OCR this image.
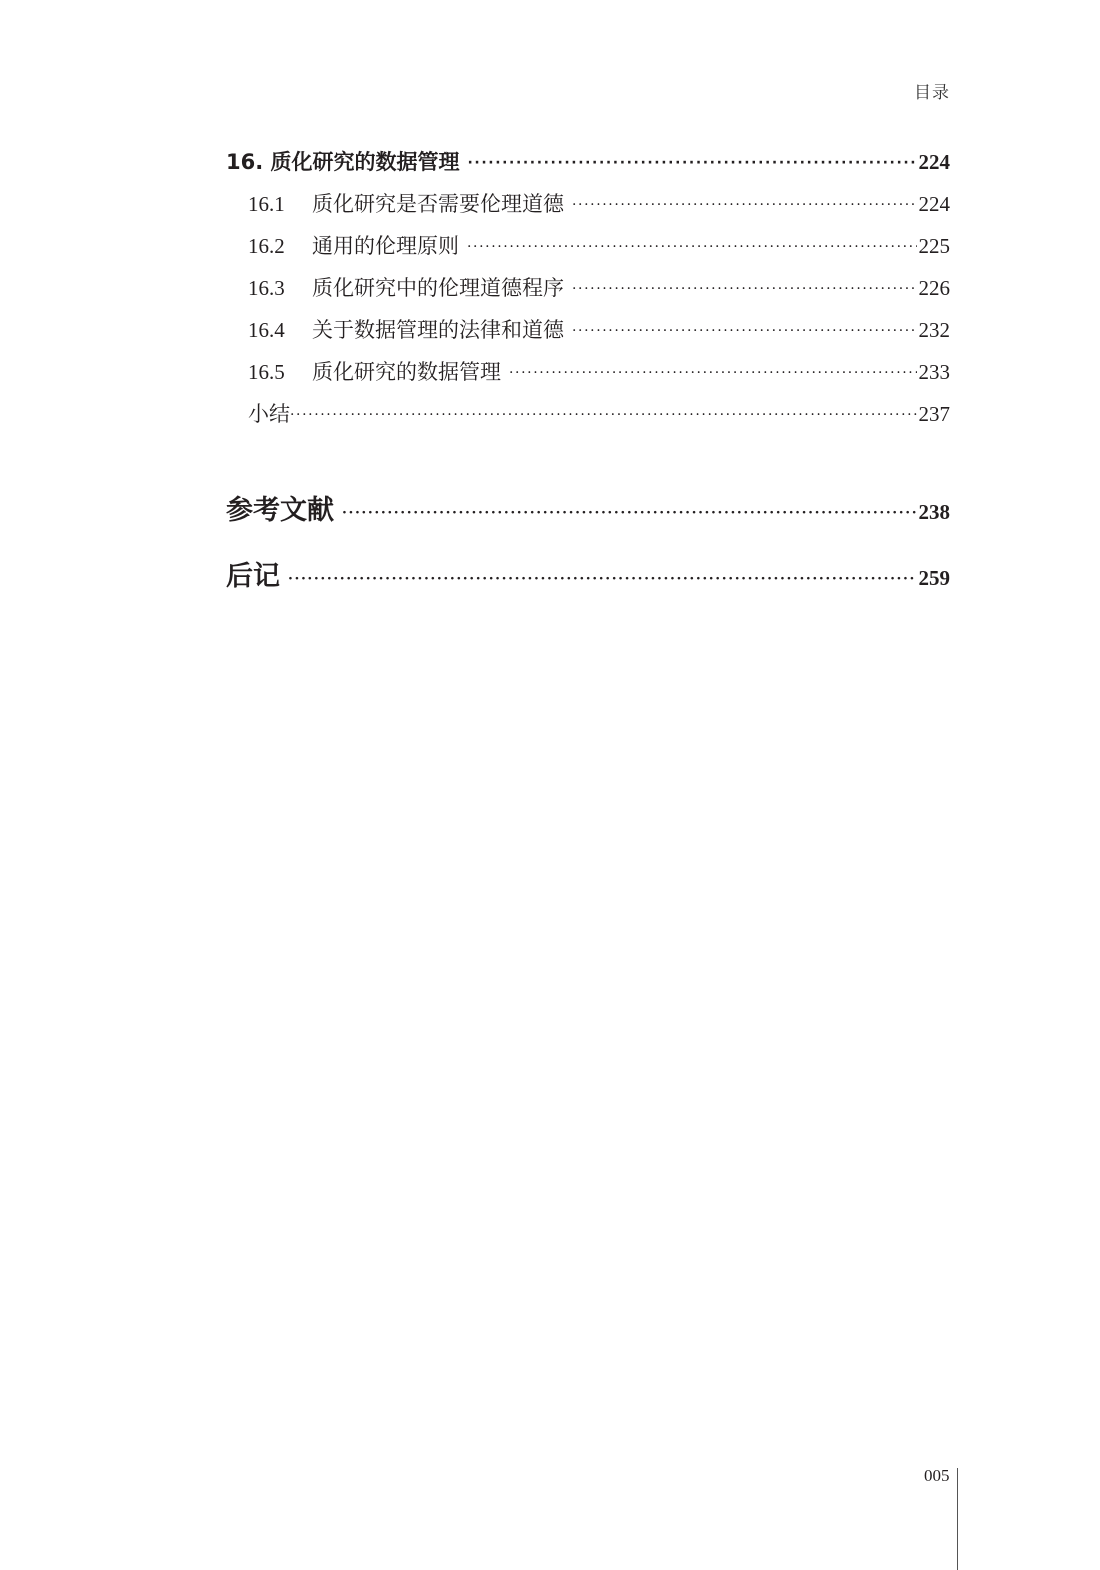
目录
16. 质化研究的数据管理 ·····	224
16.1 质化研究是否需要伦理道德 ·····	224
16.2 通用的伦理原则 ·····	225
16.3 质化研究中的伦理道德程序 ·····	226
16.4 关于数据管理的法律和道德 ·····	232
16.5 质化研究的数据管理 ·····	233
小结 ·····	237
参考文献 ·····	238
后记 ·····	259
005
